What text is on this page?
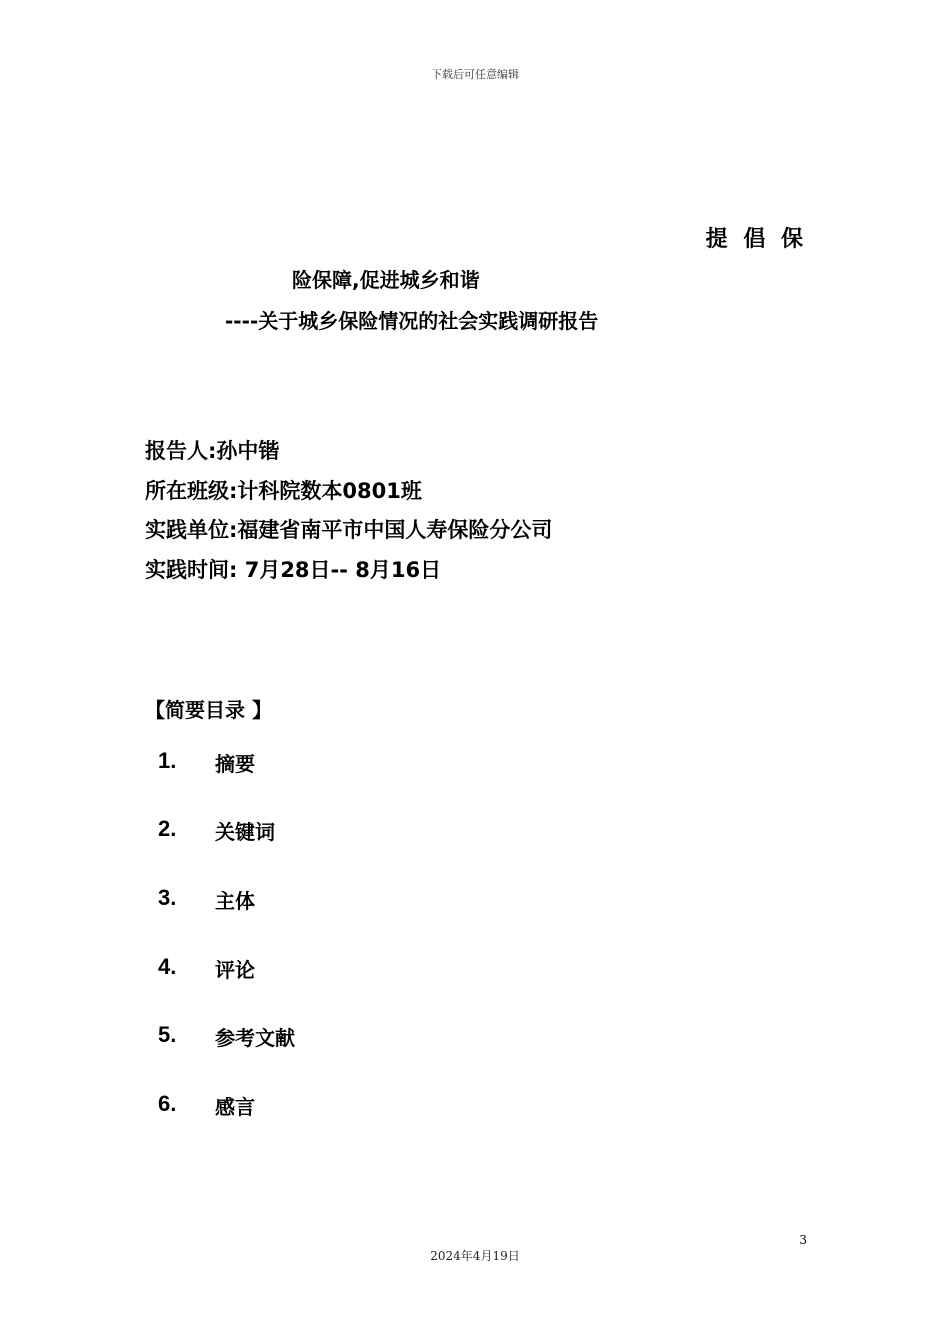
下载后可任意编辑
提 倡 保
险保障,促进城乡和谐
----关于城乡保险情况的社会实践调研报告
报告人:孙中锴
所在班级:计科院数本0801班
实践单位:福建省南平市中国人寿保险分公司
实践时间: 7月28日-- 8月16日
【简要目录 】
1. 摘要
2. 关键词
3. 主体
4. 评论
5. 参考文献
6. 感言
3
2024年4月19日
